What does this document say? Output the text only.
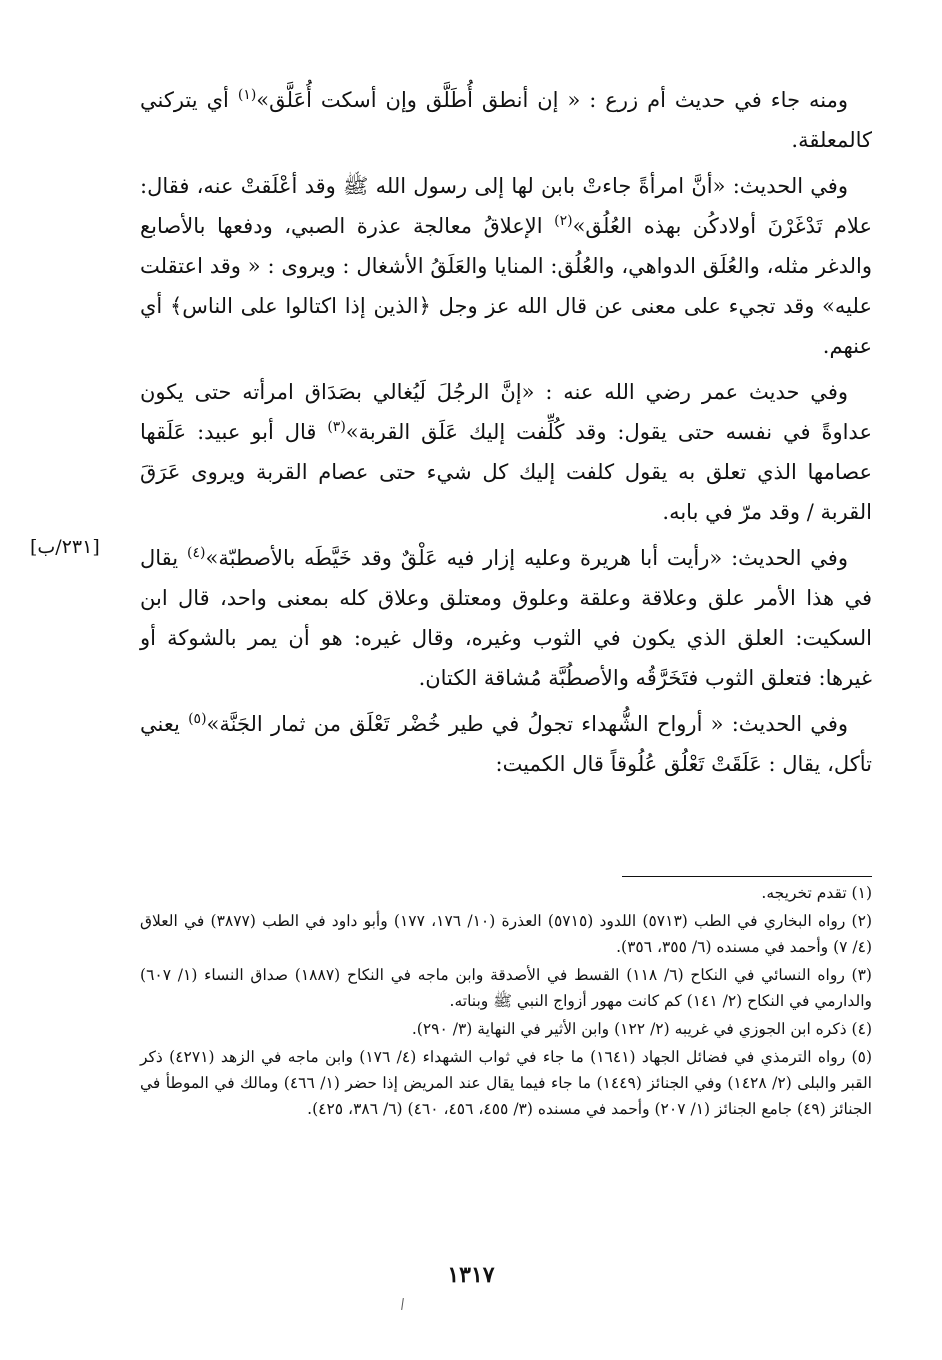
ومنه جاء في حديث أم زرع : « إن أنطق أُطَلَّق وإن أسكت أُعَلَّق»$^{(١)}$ أي يتركني كالمعلقة.

وفي الحديث: «أنَّ امرأةً جاءتْ بابن لها إلى رسول الله ﷺ وقد أعْلَقتْ عنه، فقال: علام تَدْغَرْنَ أولادكُن بهذه العُلُق»$^{(٢)}$ الإعلاقُ معالجة عذرة الصبي، ودفعها بالأصابع والدغر مثله، والعُلَق الدواهي، والعُلُق: المنايا والعَلَقُ الأشغال : ويروى : « وقد اعتقلت عليه» وقد تجيء على معنى عن قال الله عز وجل ﴿الذين إذا اكتالوا على الناس﴾ أي عنهم.

وفي حديث عمر رضي الله عنه : «إنَّ الرجُلَ لَيُغالي بصَدَاق امرأته حتى يكون عداوةً في نفسه حتى يقول: وقد كُلِّفت إليك عَلَق القربة»$^{(٣)}$ قال أبو عبيد: عَلَقها عصامها الذي تعلق به يقول كلفت إليك كل شيء حتى عصام القربة ويروى عَرَقَ القربة / وقد مرّ في بابه.

وفي الحديث: «رأيت أبا هريرة وعليه إزار فيه عَلْقٌ وقد خَيَّطَه بالأصطبّة»$^{(٤)}$ يقال في هذا الأمر علق وعلاقة وعلقة وعلوق ومعتلق وعلاق كله بمعنى واحد، قال ابن السكيت: العلق الذي يكون في الثوب وغيره، وقال غيره: هو أن يمر بالشوكة أو غيرها: فتعلق الثوب فتَخَرَّقُه والأصطُبَّة مُشاقة الكتان.

وفي الحديث: « أرواح الشُّهداء تجولُ في طير خُضْر تَعْلَق من ثمار الجَنَّة»$^{(٥)}$ يعني تأكل، يقال : عَلَقَتْ تَعْلُق عُلُوقاً قال الكميت:

[٢٣١/ب]

(١) تقدم تخريجه.

(٢) رواه البخاري في الطب (٥٧١٣) اللدود (٥٧١٥) العذرة (١٠/ ١٧٦، ١٧٧) وأبو داود في الطب (٣٨٧٧) في العلاق (٤/ ٧) وأحمد في مسنده (٦/ ٣٥٥، ٣٥٦).

(٣) رواه النسائي في النكاح (٦/ ١١٨) القسط في الأصدقة وابن ماجه في النكاح (١٨٨٧) صداق النساء (١/ ٦٠٧) والدارمي في النكاح (٢/ ١٤١) كم كانت مهور أزواج النبي ﷺ وبناته.

(٤) ذكره ابن الجوزي في غريبه (٢/ ١٢٢) وابن الأثير في النهاية (٣/ ٢٩٠).

(٥) رواه الترمذي في فضائل الجهاد (١٦٤١) ما جاء في ثواب الشهداء (٤/ ١٧٦) وابن ماجه في الزهد (٤٢٧١) ذكر القبر والبلى (٢/ ١٤٢٨) وفي الجنائز (١٤٤٩) ما جاء فيما يقال عند المريض إذا حضر (١/ ٤٦٦) ومالك في الموطأ في الجنائز (٤٩) جامع الجنائز (١/ ٢٠٧) وأحمد في مسنده (٣/ ٤٥٥، ٤٥٦، ٤٦٠) (٦/ ٣٨٦، ٤٢٥).

١٣١٧
